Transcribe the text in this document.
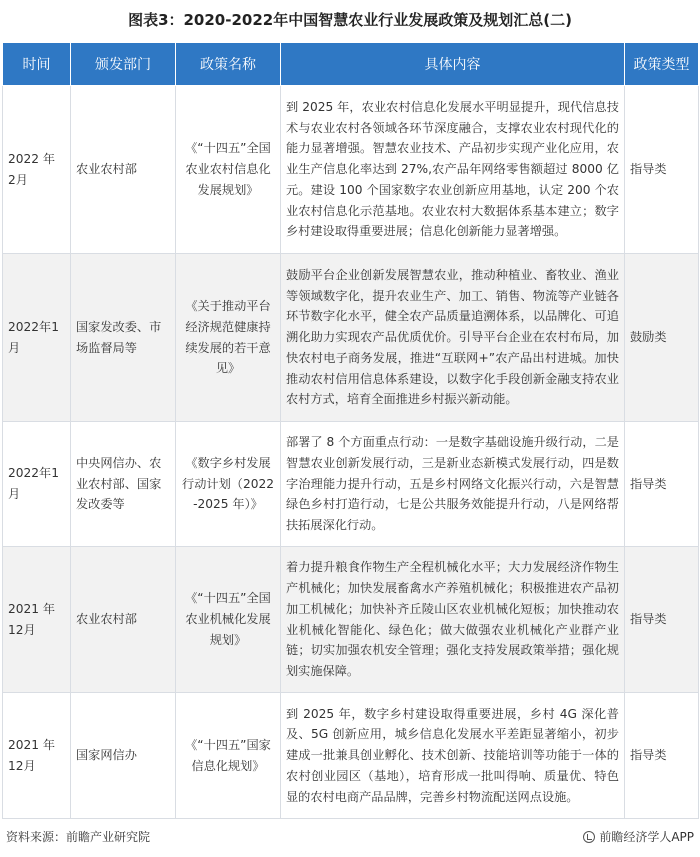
图表3：2020-2022年中国智慧农业行业发展政策及规划汇总(二)
时间	颁发部门	政策名称	具体内容	政策类型
2022 年 2月	农业农村部	《“十四五”全国农业农村信息化发展规划》	到 2025 年，农业农村信息化发展水平明显提升，现代信息技术与农业农村各领域各环节深度融合，支撑农业农村现代化的能力显著增强。智慧农业技术、产品初步实现产业化应用，农业生产信息化率达到 27%,农产品年网络零售额超过 8000 亿元。建设 100 个国家数字农业创新应用基地，认定 200 个农业农村信息化示范基地。农业农村大数据体系基本建立；数字乡村建设取得重要进展；信息化创新能力显著增强。	指导类
2022年1月	国家发改委、市场监督局等	《关于推动平台经济规范健康持续发展的若干意见》	鼓励平台企业创新发展智慧农业，推动种植业、畜牧业、渔业等领域数字化，提升农业生产、加工、销售、物流等产业链各环节数字化水平，健全农产品质量追溯体系，以品牌化、可追溯化助力实现农产品优质优价。引导平台企业在农村布局，加快农村电子商务发展，推进“互联网+”农产品出村进城。加快推动农村信用信息体系建设，以数字化手段创新金融支持农业农村方式，培育全面推进乡村振兴新动能。	鼓励类
2022年1月	中央网信办、农业农村部、国家发改委等	《数字乡村发展行动计划（2022-2025 年）》	部署了 8 个方面重点行动：一是数字基础设施升级行动，二是智慧农业创新发展行动，三是新业态新模式发展行动，四是数字治理能力提升行动，五是乡村网络文化振兴行动，六是智慧绿色乡村打造行动，七是公共服务效能提升行动，八是网络帮扶拓展深化行动。	指导类
2021 年 12月	农业农村部	《“十四五”全国农业机械化发展规划》	着力提升粮食作物生产全程机械化水平；大力发展经济作物生产机械化；加快发展畜禽水产养殖机械化；积极推进农产品初加工机械化；加快补齐丘陵山区农业机械化短板；加快推动农业机械化智能化、绿色化；做大做强农业机械化产业群产业链；切实加强农机安全管理；强化支持发展政策举措；强化规划实施保障。	指导类
2021 年 12月	国家网信办	《“十四五”国家信息化规划》	到 2025 年，数字乡村建设取得重要进展，乡村 4G 深化普及、5G 创新应用，城乡信息化发展水平差距显著缩小，初步建成一批兼具创业孵化、技术创新、技能培训等功能于一体的农村创业园区（基地），培育形成一批叫得响、质量优、特色显的农村电商产品品牌，完善乡村物流配送网点设施。	指导类
资料来源：前瞻产业研究院	前瞻经济学人APP
